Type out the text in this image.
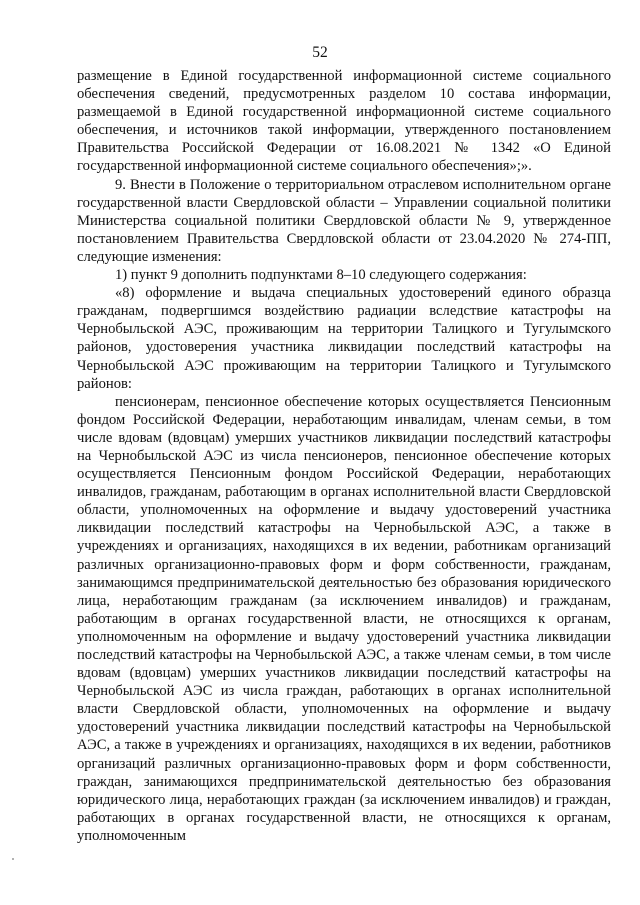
52

размещение в Единой государственной информационной системе социального обеспечения сведений, предусмотренных разделом 10 состава информации, размещаемой в Единой государственной информационной системе социального обеспечения, и источников такой информации, утвержденного постановлением Правительства Российской Федерации от 16.08.2021 № 1342 «О Единой государственной информационной системе социального обеспечения»;».

9. Внести в Положение о территориальном отраслевом исполнительном органе государственной власти Свердловской области – Управлении социальной политики Министерства социальной политики Свердловской области № 9, утвержденное постановлением Правительства Свердловской области от 23.04.2020 № 274-ПП, следующие изменения:

1) пункт 9 дополнить подпунктами 8–10 следующего содержания:

«8) оформление и выдача специальных удостоверений единого образца гражданам, подвергшимся воздействию радиации вследствие катастрофы на Чернобыльской АЭС, проживающим на территории Талицкого и Тугулымского районов, удостоверения участника ликвидации последствий катастрофы на Чернобыльской АЭС проживающим на территории Талицкого и Тугулымского районов:

пенсионерам, пенсионное обеспечение которых осуществляется Пенсионным фондом Российской Федерации, неработающим инвалидам, членам семьи, в том числе вдовам (вдовцам) умерших участников ликвидации последствий катастрофы на Чернобыльской АЭС из числа пенсионеров, пенсионное обеспечение которых осуществляется Пенсионным фондом Российской Федерации, неработающих инвалидов, гражданам, работающим в органах исполнительной власти Свердловской области, уполномоченных на оформление и выдачу удостоверений участника ликвидации последствий катастрофы на Чернобыльской АЭС, а также в учреждениях и организациях, находящихся в их ведении, работникам организаций различных организационно-правовых форм и форм собственности, гражданам, занимающимся предпринимательской деятельностью без образования юридического лица, неработающим гражданам (за исключением инвалидов) и гражданам, работающим в органах государственной власти, не относящихся к органам, уполномоченным на оформление и выдачу удостоверений участника ликвидации последствий катастрофы на Чернобыльской АЭС, а также членам семьи, в том числе вдовам (вдовцам) умерших участников ликвидации последствий катастрофы на Чернобыльской АЭС из числа граждан, работающих в органах исполнительной власти Свердловской области, уполномоченных на оформление и выдачу удостоверений участника ликвидации последствий катастрофы на Чернобыльской АЭС, а также в учреждениях и организациях, находящихся в их ведении, работников организаций различных организационно-правовых форм и форм собственности, граждан, занимающихся предпринимательской деятельностью без образования юридического лица, неработающих граждан (за исключением инвалидов) и граждан, работающих в органах государственной власти, не относящихся к органам, уполномоченным
